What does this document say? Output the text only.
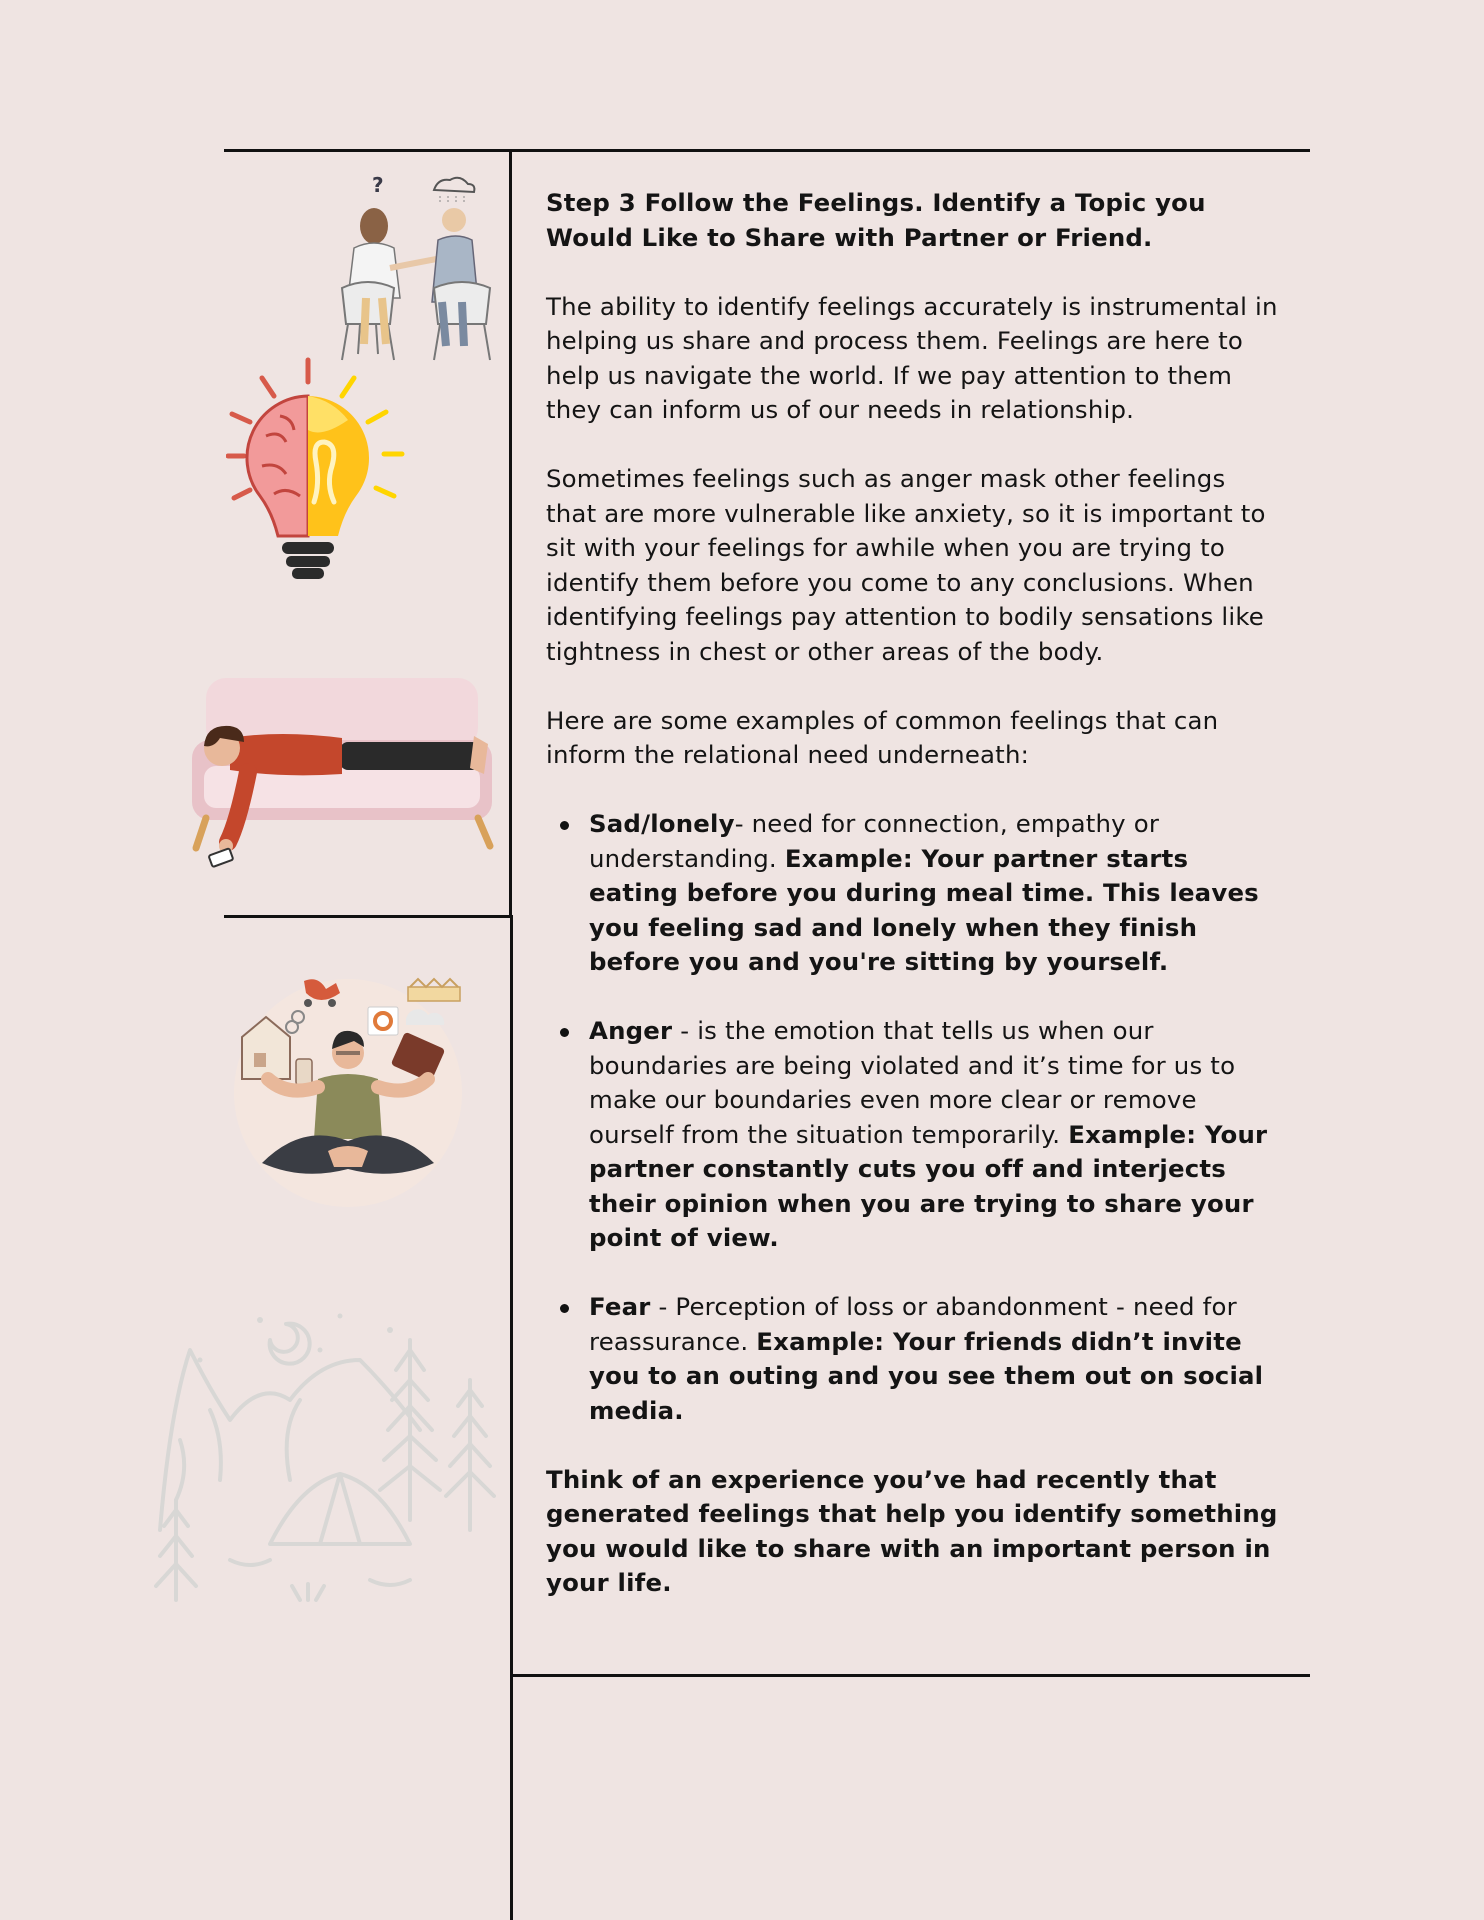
?

Step 3 Follow the Feelings. Identify a Topic you Would Like to Share with Partner or Friend.

The ability to identify feelings accurately is instrumental in helping us share and process them. Feelings are here to help us navigate the world. If we pay attention to them they can inform us of our needs in relationship.

Sometimes feelings such as anger mask other feelings that are more vulnerable like anxiety, so it is important to sit with your feelings for awhile when you are trying to identify them before you come to any conclusions. When identifying feelings pay attention to bodily sensations like tightness in chest or other areas of the body.

Here are some examples of common feelings that can inform the relational need underneath:

Sad/lonely- need for connection, empathy or understanding. Example: Your partner starts eating before you during meal time. This leaves you feeling sad and lonely when they finish before you and you're sitting by yourself.
Anger - is the emotion that tells us when our boundaries are being violated and it’s time for us to make our boundaries even more clear or remove ourself from the situation temporarily. Example: Your partner constantly cuts you off and interjects their opinion when you are trying to share your point of view.
Fear - Perception of loss or abandonment - need for reassurance. Example: Your friends didn’t invite you to an outing and you see them out on social media.

Think of an experience you’ve had recently that generated feelings that help you identify something you would like to share with an important person in your life.
